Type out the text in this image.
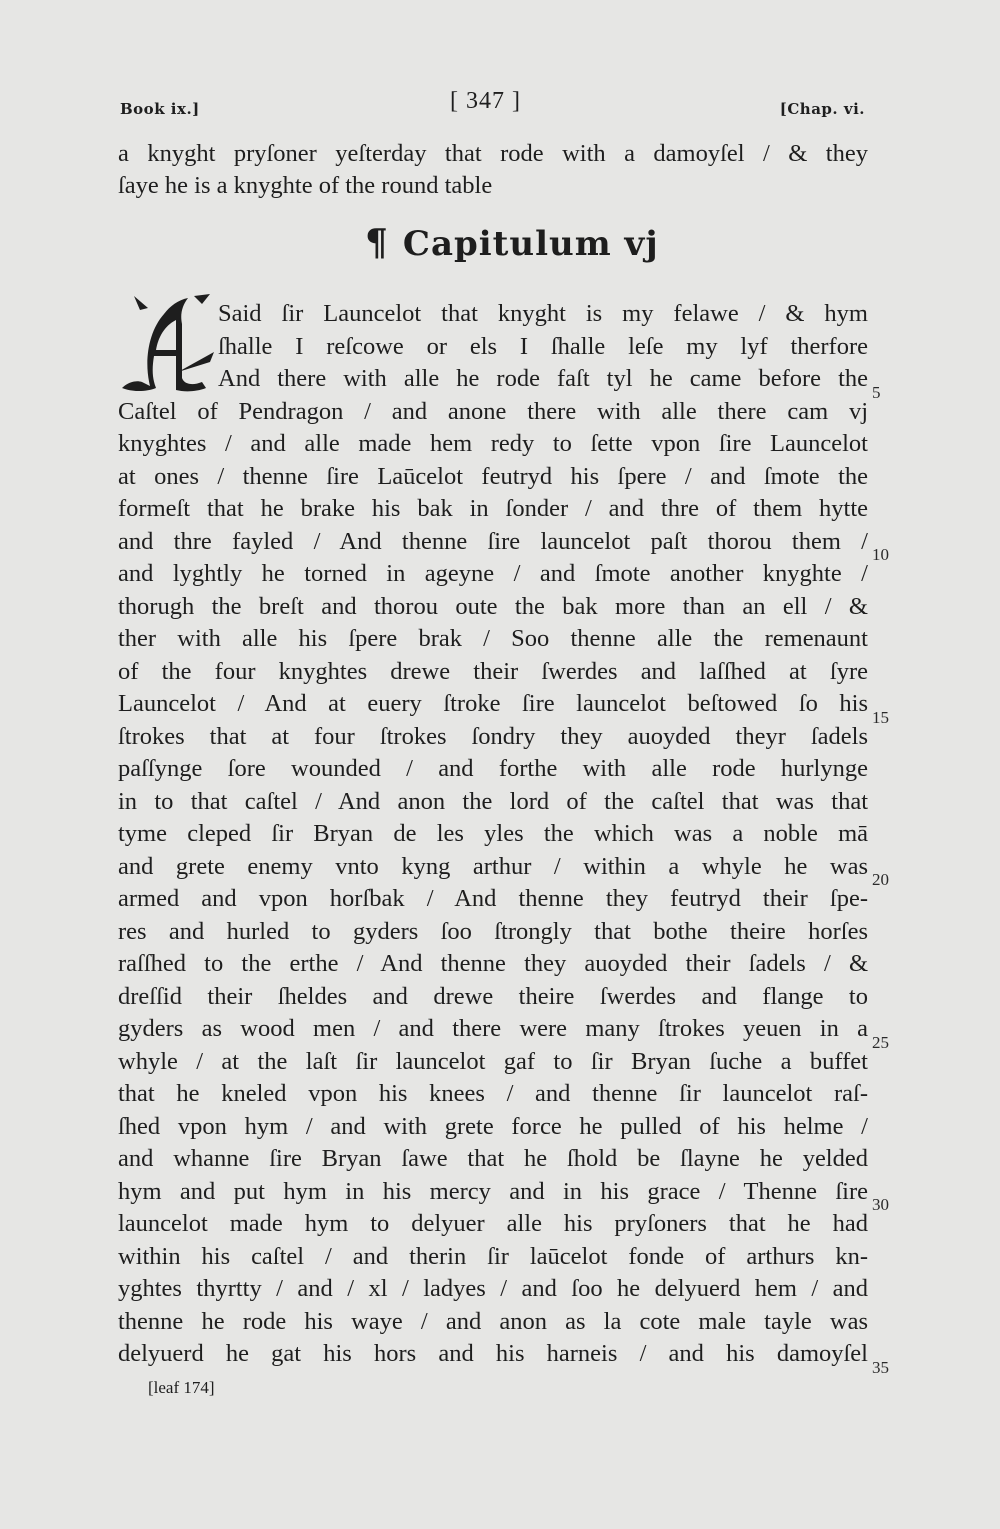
Book ix.]	[ 347 ]	[Chap. vi.
a knyght pryſoner yeſterday that rode with a damoyſel / & they
ſaye he is a knyghte of the round table
¶ Capitulum vj
Said ſir Launcelot that knyght is my felawe / & hym
ſhalle I reſcowe or els I ſhalle leſe my lyf therfore
And there with alle he rode faſt tyl he came before the
Caſtel of Pendragon / and anone there with alle there cam vj
knyghtes / and alle made hem redy to ſette vpon ſire Launcelot
at ones / thenne ſire Laūcelot feutryd his ſpere / and ſmote the
formeſt that he brake his bak in ſonder / and thre of them hytte
and thre fayled / And thenne ſire launcelot paſt thorou them /
and lyghtly he torned in ageyne / and ſmote another knyghte /
thorugh the breſt and thorou oute the bak more than an ell / &
ther with alle his ſpere brak / Soo thenne alle the remenaunt
of the four knyghtes drewe their ſwerdes and laſſhed at ſyre
Launcelot / And at euery ſtroke ſire launcelot beſtowed ſo his
ſtrokes that at four ſtrokes ſondry they auoyded theyr ſadels
paſſynge ſore wounded / and forthe with alle rode hurlynge
in to that caſtel / And anon the lord of the caſtel that was that
tyme cleped ſir Bryan de les yles the which was a noble mā
and grete enemy vnto kyng arthur / within a whyle he was
armed and vpon horſbak / And thenne they feutryd their ſpe-
res and hurled to gyders ſoo ſtrongly that bothe theire horſes
raſſhed to the erthe / And thenne they auoyded their ſadels / &
dreſſid their ſheldes and drewe theire ſwerdes and flange to
gyders as wood men / and there were many ſtrokes yeuen in a
whyle / at the laſt ſir launcelot gaf to ſir Bryan ſuche a buffet
that he kneled vpon his knees / and thenne ſir launcelot raſ-
ſhed vpon hym / and with grete force he pulled of his helme /
and whanne ſire Bryan ſawe that he ſhold be ſlayne he yelded
hym and put hym in his mercy and in his grace / Thenne ſire
launcelot made hym to delyuer alle his pryſoners that he had
within his caſtel / and therin ſir laūcelot fonde of arthurs kn-
yghtes thyrtty / and / xl / ladyes / and ſoo he delyuerd hem / and
thenne he rode his waye / and anon as la cote male tayle was
delyuerd he gat his hors and his harneis / and his damoyſel
5
10
15
20
25
30
35
[leaf 174]
